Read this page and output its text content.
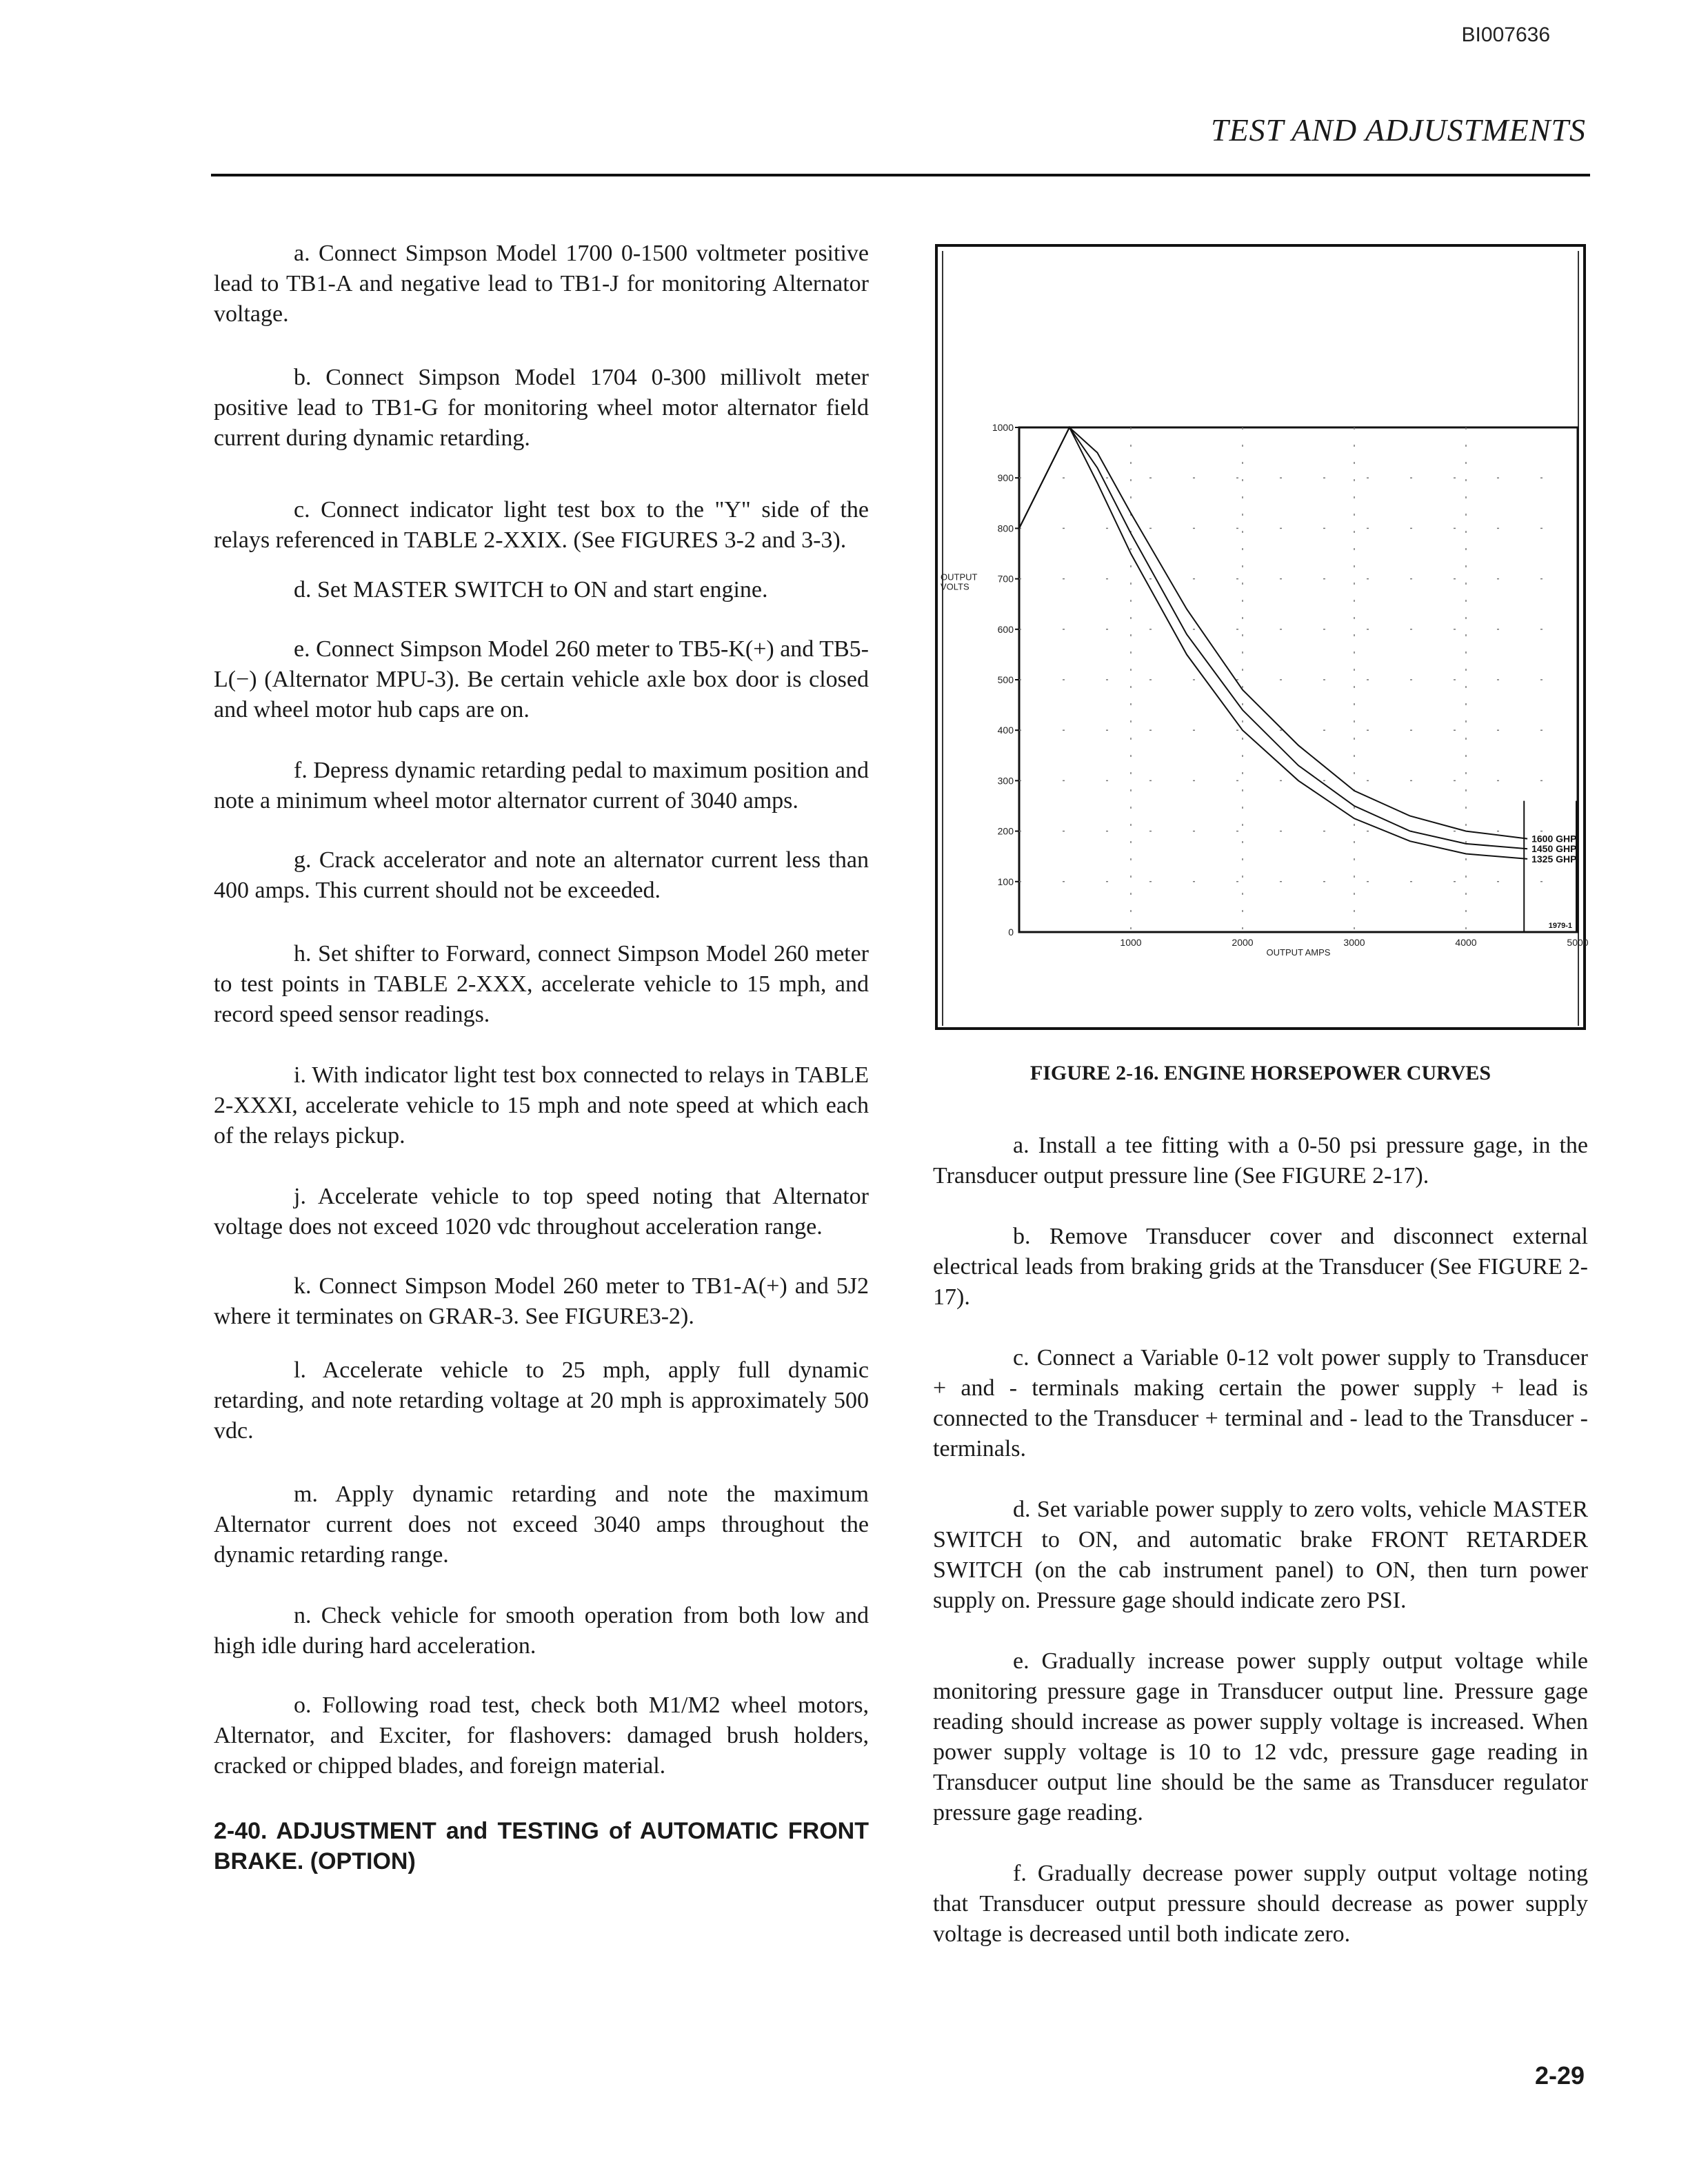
BI007636
TEST AND ADJUSTMENTS

a. Connect Simpson Model 1700 0-1500 voltmeter positive lead to TB1-A and negative lead to TB1-J for monitoring Alternator voltage.

b. Connect Simpson Model 1704 0-300 millivolt meter positive lead to TB1-G for monitoring wheel motor alternator field current during dynamic retarding.

c. Connect indicator light test box to the "Y" side of the relays referenced in TABLE 2-XXIX. (See FIGURES 3-2 and 3-3).

d. Set MASTER SWITCH to ON and start engine.

e. Connect Simpson Model 260 meter to TB5-K(+) and TB5-L(−) (Alternator MPU-3). Be certain vehicle axle box door is closed and wheel motor hub caps are on.

f. Depress dynamic retarding pedal to maximum position and note a minimum wheel motor alternator current of 3040 amps.

g. Crack accelerator and note an alternator current less than 400 amps. This current should not be exceeded.

h. Set shifter to Forward, connect Simpson Model 260 meter to test points in TABLE 2-XXX, accelerate vehicle to 15 mph, and record speed sensor readings.

i. With indicator light test box connected to relays in TABLE 2-XXXI, accelerate vehicle to 15 mph and note speed at which each of the relays pickup.

j. Accelerate vehicle to top speed noting that Alternator voltage does not exceed 1020 vdc throughout acceleration range.

k. Connect Simpson Model 260 meter to TB1-A(+) and 5J2 where it terminates on GRAR-3. See FIGURE3-2).

l. Accelerate vehicle to 25 mph, apply full dynamic retarding, and note retarding voltage at 20 mph is approximately 500 vdc.

m. Apply dynamic retarding and note the maximum Alternator current does not exceed 3040 amps throughout the dynamic retarding range.

n. Check vehicle for smooth operation from both low and high idle during hard acceleration.

o. Following road test, check both M1/M2 wheel motors, Alternator, and Exciter, for flashovers: damaged brush holders, cracked or chipped blades, and foreign material.

2-40. ADJUSTMENT and TESTING of AUTOMATIC FRONT BRAKE. (OPTION)

100
200
300
400
500
600
700
800
900
1000
0
1000	2000	3000	4000	5000
OUTPUT
VOLTS
OUTPUT AMPS
1600 GHP
1450 GHP
1325 GHP
1979-1
FIGURE 2-16. ENGINE HORSEPOWER CURVES

a. Install a tee fitting with a 0-50 psi pressure gage, in the Transducer output pressure line (See FIGURE 2-17).

b. Remove Transducer cover and disconnect external electrical leads from braking grids at the Transducer (See FIGURE 2-17).

c. Connect a Variable 0-12 volt power supply to Transducer + and - terminals making certain the power supply + lead is connected to the Transducer + terminal and - lead to the Transducer - terminals.

d. Set variable power supply to zero volts, vehicle MASTER SWITCH to ON, and automatic brake FRONT RETARDER SWITCH (on the cab instrument panel) to ON, then turn power supply on. Pressure gage should indicate zero PSI.

e. Gradually increase power supply output voltage while monitoring pressure gage in Transducer output line. Pressure gage reading should increase as power supply voltage is increased. When power supply voltage is 10 to 12 vdc, pressure gage reading in Transducer output line should be the same as Transducer regulator pressure gage reading.

f. Gradually decrease power supply output voltage noting that Transducer output pressure should decrease as power supply voltage is decreased until both indicate zero.

2-29
